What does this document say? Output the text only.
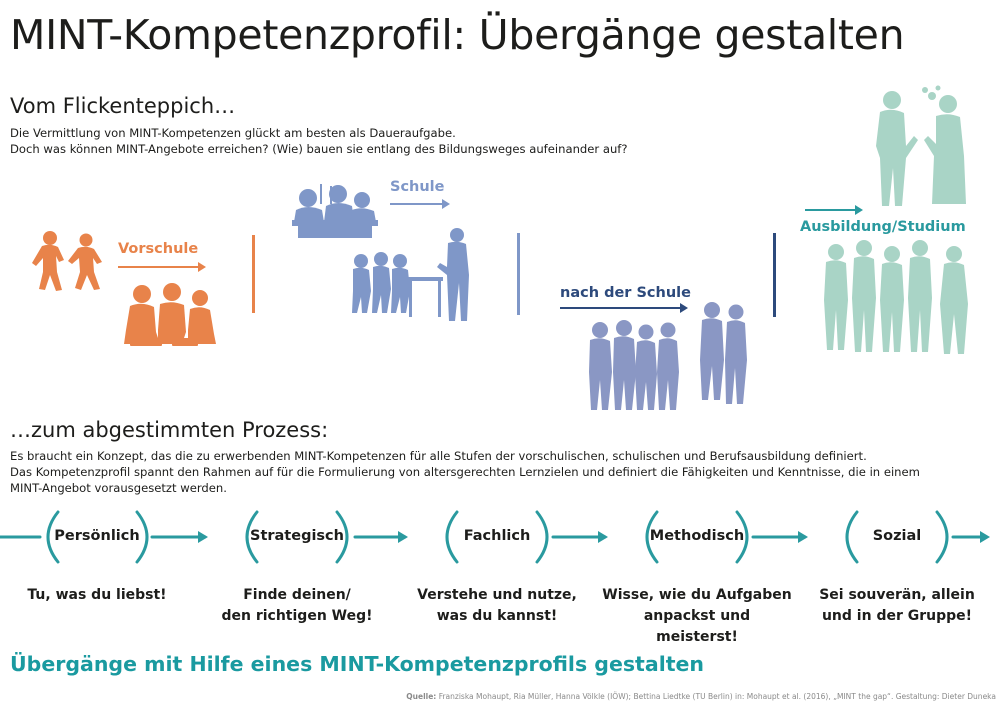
MINT-Kompetenzprofil: Übergänge gestalten
Vom Flickenteppich…
Die Vermittlung von MINT-Kompetenzen glückt am besten als Daueraufgabe.
Doch was können MINT-Angebote erreichen? (Wie) bauen sie entlang des Bildungsweges aufeinander auf?
Vorschule
Schule
nach der Schule
Ausbildung/Studium
…zum abgestimmten Prozess:
Es braucht ein Konzept, das die zu erwerbenden MINT-Kompetenzen für alle Stufen der vorschulischen, schulischen und Berufsausbildung definiert.
Das Kompetenzprofil spannt den Rahmen auf für die Formulierung von altersgerechten Lernzielen und definiert die Fähigkeiten und Kenntnisse, die in einem
MINT-Angebot vorausgesetzt werden.
Persönlich	Strategisch	Fachlich	Methodisch	Sozial
Tu, was du liebst!	Finde deinen/
den richtigen Weg!
Verstehe und nutze,
was du kannst!
Wisse, wie du Aufgaben
anpackst und meisterst!
Sei souverän, allein
und in der Gruppe!
Übergänge mit Hilfe eines MINT-Kompetenzprofils gestalten
Quelle: Franziska Mohaupt, Ria Müller, Hanna Völkle (IÖW); Bettina Liedtke (TU Berlin) in: Mohaupt et al. (2016), „MINT the gap“. Gestaltung: Dieter Duneka
